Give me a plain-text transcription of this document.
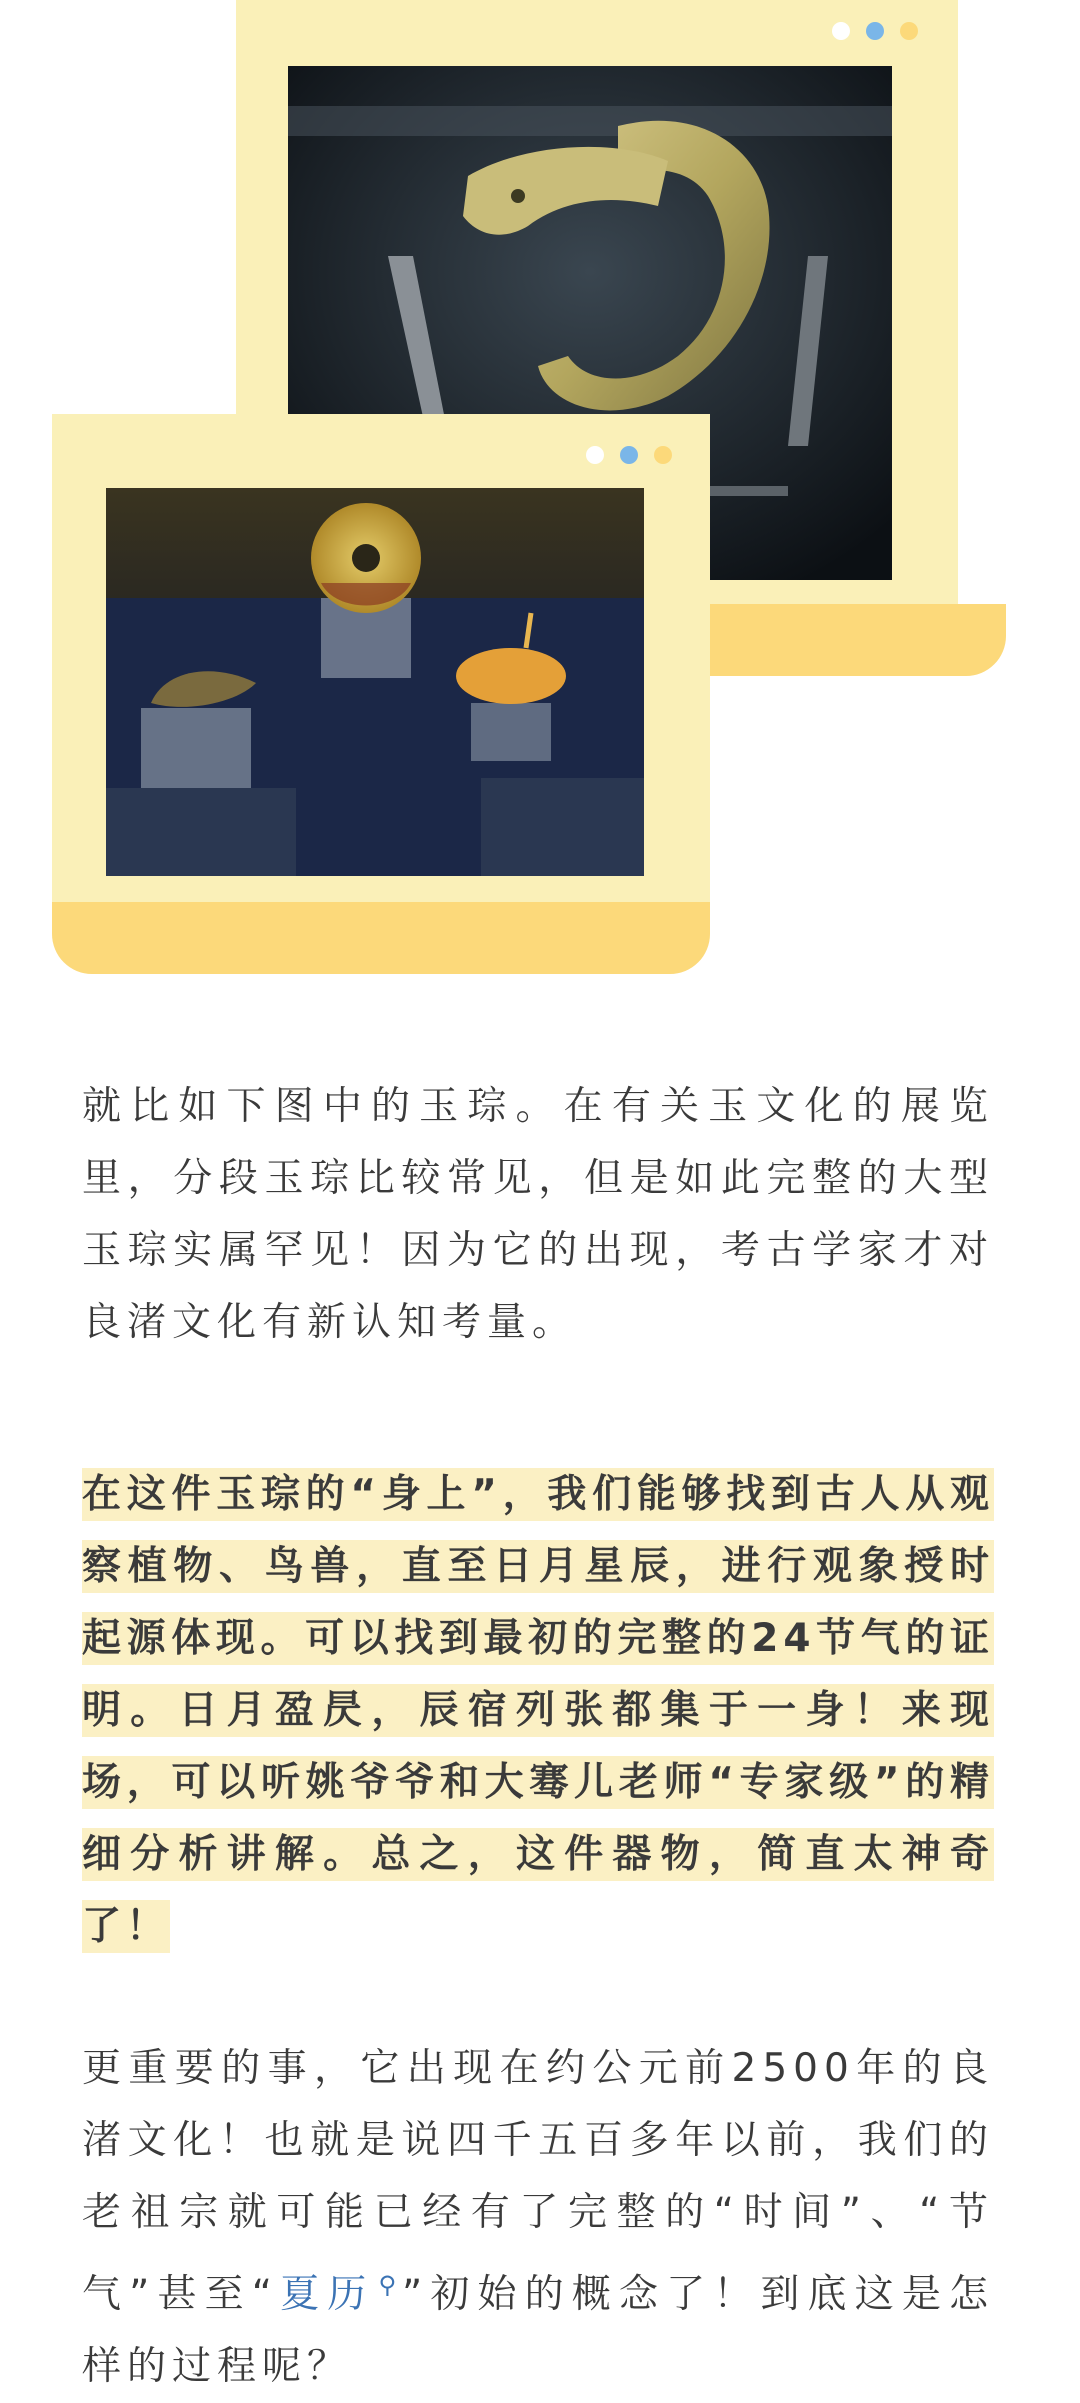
就比如下图中的玉琮。在有关玉文化的展览里，分段玉琮比较常见，但是如此完整的大型玉琮实属罕见！因为它的出现，考古学家才对良渚文化有新认知考量。

在这件玉琮的“身上”，我们能够找到古人从观察植物、鸟兽，直至日月星辰，进行观象授时起源体现。可以找到最初的完整的24节气的证明。日月盈昃，辰宿列张都集于一身！来现场，可以听姚爷爷和大骞儿老师“专家级”的精细分析讲解。总之，这件器物，简直太神奇了！

更重要的事，它出现在约公元前2500年的良渚文化！也就是说四千五百多年以前，我们的老祖宗就可能已经有了完整的“时间”、“节气”甚至“夏历 ⚲”初始的概念了！到底这是怎样的过程呢？
